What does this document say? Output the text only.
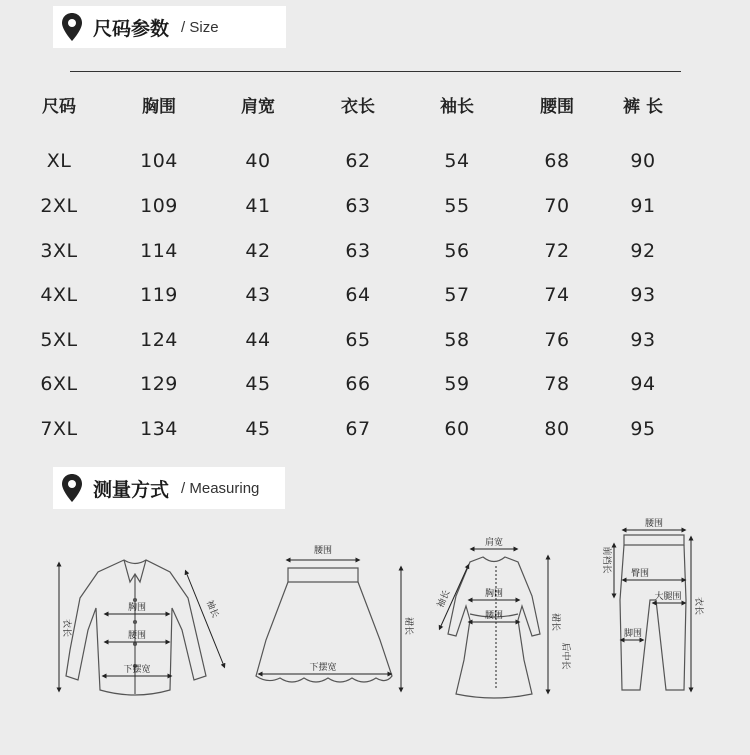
尺码参数 / Size
尺码	胸围	肩宽	衣长	袖长	腰围	裤 长
XL	104	40	62	54	68	90
2XL	109	41	63	55	70	91
3XL	114	42	63	56	72	92
4XL	119	43	64	57	74	93
5XL	124	44	65	58	76	93
6XL	129	45	66	59	78	94
7XL	134	45	67	60	80	95
测量方式 / Measuring
衣长
胸围
腰围
下摆宽
袖长
腰围
下摆宽
裙长
肩宽
袖长	胸围
腰围	裙长
后中长
腰围
前裆长
臀围
大腿围
脚围
衣长
